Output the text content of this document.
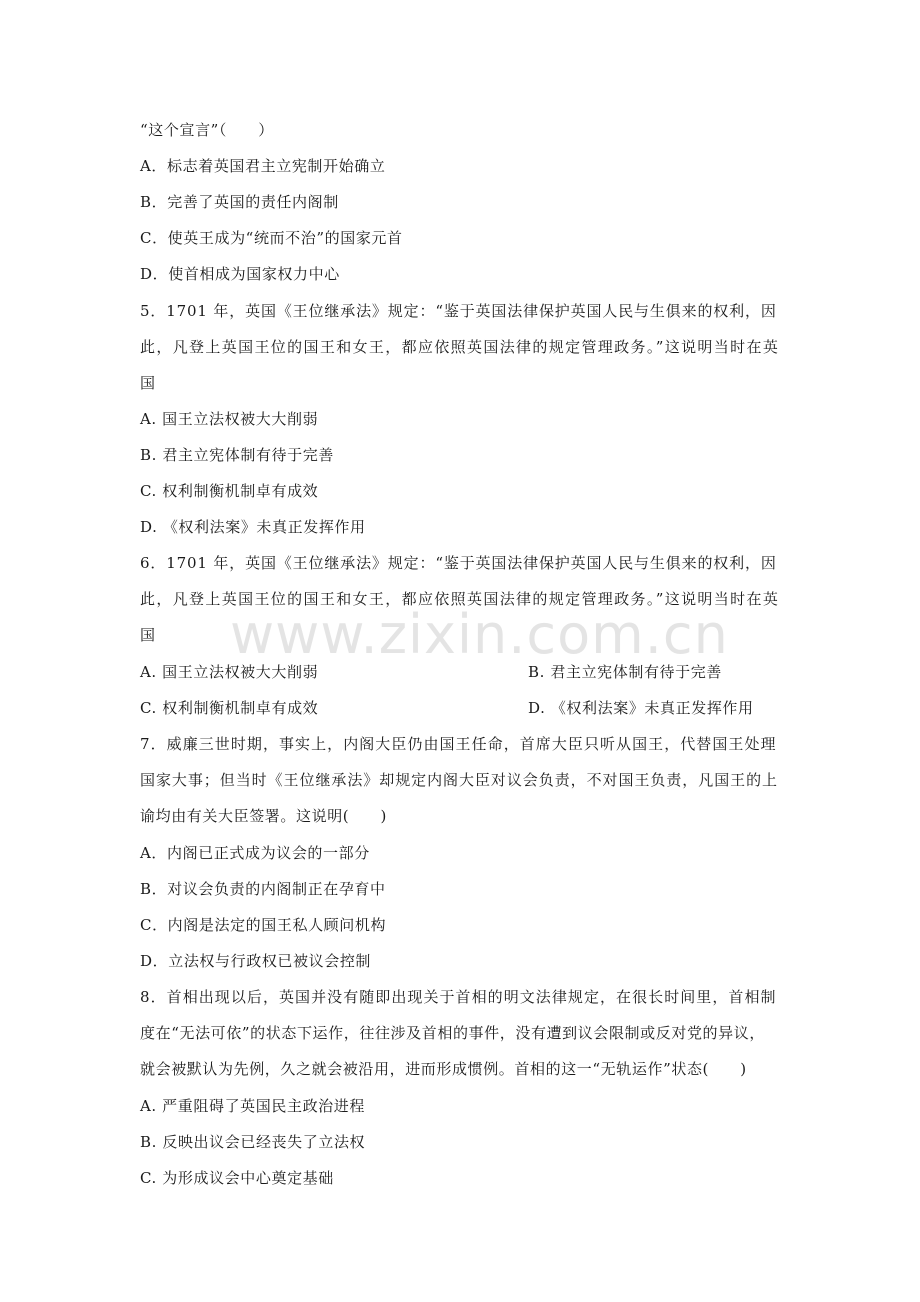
www.zixin.com.cn
“这个宣言”（　　）
A．标志着英国君主立宪制开始确立
B．完善了英国的责任内阁制
C．使英王成为“统而不治”的国家元首
D．使首相成为国家权力中心
5．1701 年，英国《王位继承法》规定：“鉴于英国法律保护英国人民与生俱来的权利，因
此，凡登上英国王位的国王和女王，都应依照英国法律的规定管理政务。”这说明当时在英
国
A. 国王立法权被大大削弱
B. 君主立宪体制有待于完善
C. 权利制衡机制卓有成效
D. 《权利法案》未真正发挥作用
6．1701 年，英国《王位继承法》规定：“鉴于英国法律保护英国人民与生俱来的权利，因
此，凡登上英国王位的国王和女王，都应依照英国法律的规定管理政务。”这说明当时在英
国
A. 国王立法权被大大削弱	B. 君主立宪体制有待于完善
C. 权利制衡机制卓有成效	D. 《权利法案》未真正发挥作用
7．威廉三世时期，事实上，内阁大臣仍由国王任命，首席大臣只听从国王，代替国王处理
国家大事；但当时《王位继承法》却规定内阁大臣对议会负责，不对国王负责，凡国王的上
谕均由有关大臣签署。这说明(　　)
A．内阁已正式成为议会的一部分
B．对议会负责的内阁制正在孕育中
C．内阁是法定的国王私人顾问机构
D．立法权与行政权已被议会控制
8．首相出现以后，英国并没有随即出现关于首相的明文法律规定，在很长时间里，首相制
度在“无法可依”的状态下运作，往往涉及首相的事件，没有遭到议会限制或反对党的异议，
就会被默认为先例，久之就会被沿用，进而形成惯例。首相的这一“无轨运作”状态(　　)
A. 严重阻碍了英国民主政治进程
B. 反映出议会已经丧失了立法权
C. 为形成议会中心奠定基础
